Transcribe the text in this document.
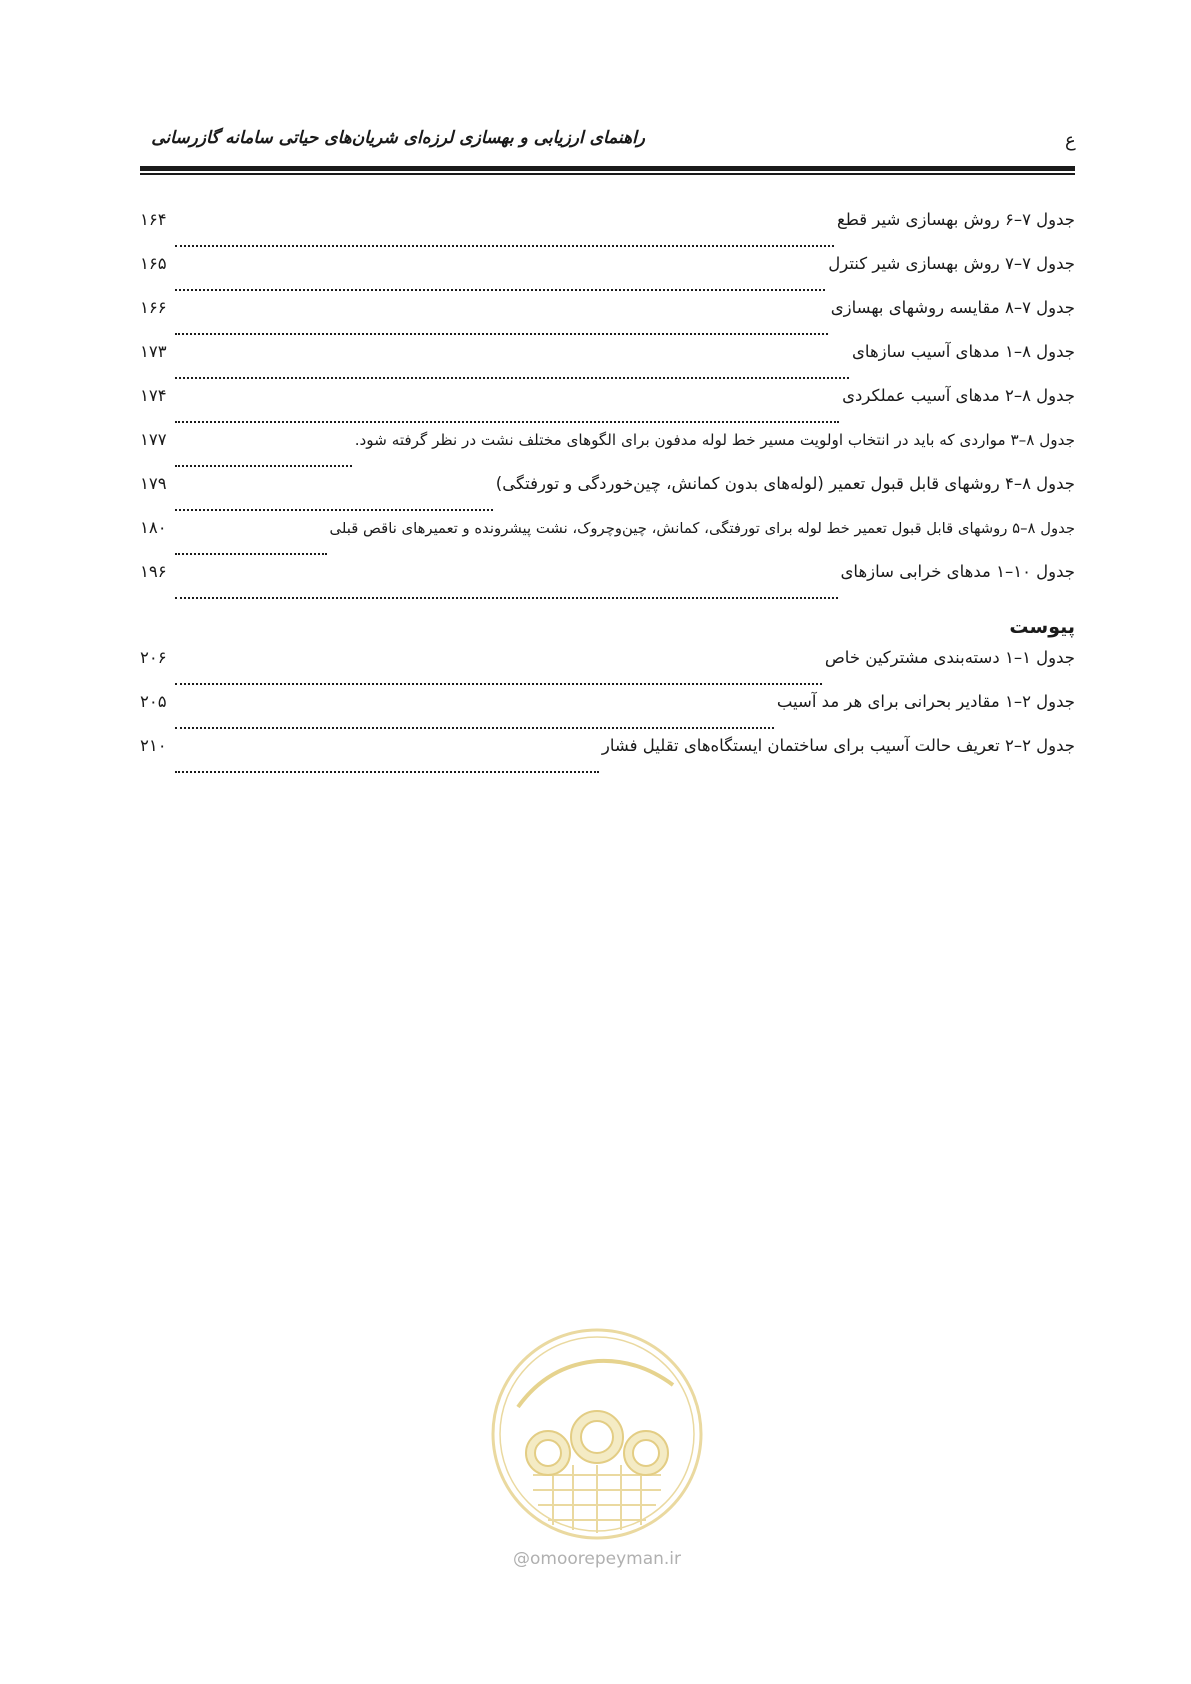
راهنمای ارزیابی و بهسازی لرزه‌ای شریان‌های حیاتی سامانه گازرسانی	ع
جدول ۷–۶ روش بهسازی شیر قطع
۱۶۴
جدول ۷–۷ روش بهسازی شیر کنترل
۱۶۵
جدول ۷–۸ مقایسه روشهای بهسازی
۱۶۶
جدول ۸–۱ مدهای آسیب سازهای
۱۷۳
جدول ۸–۲ مدهای آسیب عملکردی
۱۷۴
جدول ۸–۳ مواردی که باید در انتخاب اولویت مسیر خط لوله مدفون برای الگوهای مختلف نشت در نظر گرفته شود.
۱۷۷
جدول ۸–۴ روشهای قابل قبول تعمیر (لوله‌های بدون کمانش، چین‌خوردگی و تورفتگی)
۱۷۹
جدول ۸–۵ روشهای قابل قبول تعمیر خط لوله برای تورفتگی، کمانش، چین‌وچروک، نشت پیشرونده و تعمیرهای ناقص قبلی
۱۸۰
جدول ۱۰–۱ مدهای خرابی سازهای
۱۹۶
پیوست
جدول ۱–۱ دسته‌بندی مشترکین خاص
۲۰۶
جدول ۲–۱ مقادیر بحرانی برای هر مد آسیب
۲۰۵
جدول ۲–۲ تعریف حالت آسیب برای ساختمان ایستگاه‌های تقلیل فشار
۲۱۰
@omoorepeyman.ir
